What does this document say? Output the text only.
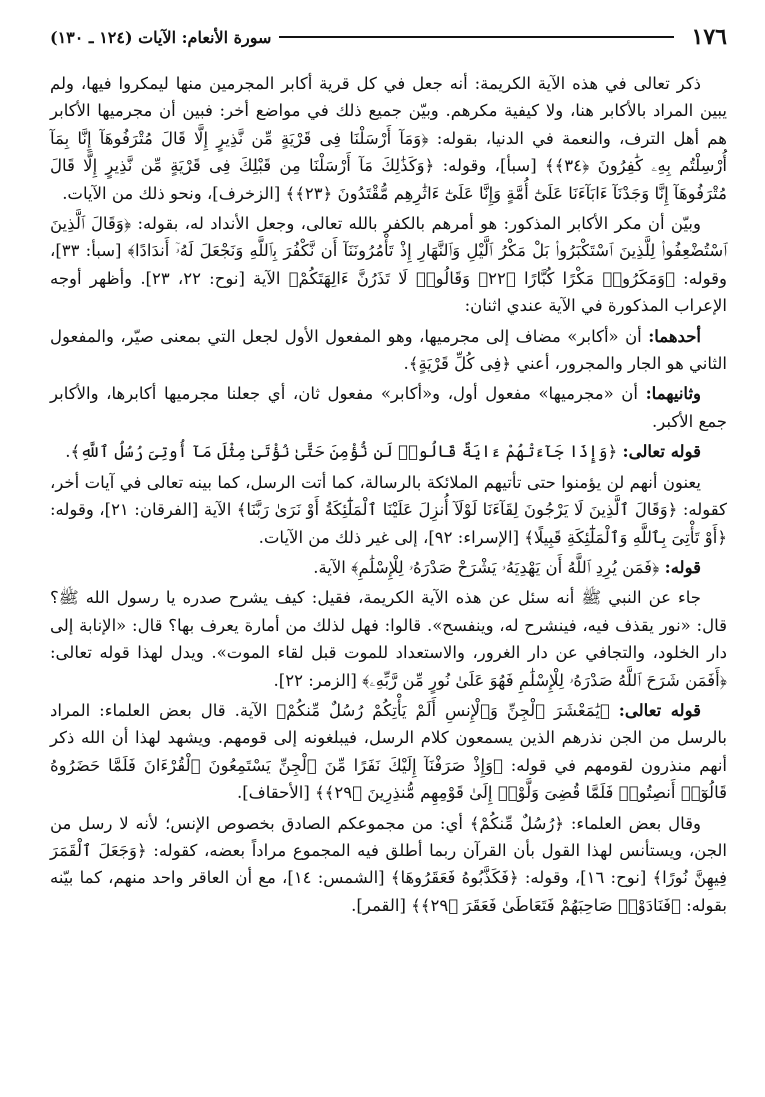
١٧٦
سورة الأنعام: الآيات (١٢٤ ـ ١٣٠)

ذكر تعالى في هذه الآية الكريمة: أنه جعل في كل قرية أكابر المجرمين منها ليمكروا فيها، ولم يبين المراد بالأكابر هنا، ولا كيفية مكرهم. وبيّن جميع ذلك في مواضع أخر: فبين أن مجرميها الأكابر هم أهل الترف، والنعمة في الدنيا، بقوله: ﴿وَمَآ أَرْسَلْنَا فِى قَرْيَةٍ مِّن نَّذِيرٍ إِلَّا قَالَ مُتْرَفُوهَآ إِنَّا بِمَآ أُرْسِلْتُم بِهِۦ كَٰفِرُونَ ﴿٣٤﴾﴾ [سبأ]، وقوله: ﴿وَكَذَٰلِكَ مَآ أَرْسَلْنَا مِن قَبْلِكَ فِى قَرْيَةٍ مِّن نَّذِيرٍ إِلَّا قَالَ مُتْرَفُوهَآ إِنَّا وَجَدْنَآ ءَابَآءَنَا عَلَىٰٓ أُمَّةٍ وَإِنَّا عَلَىٰٓ ءَاثَٰرِهِم مُّقْتَدُونَ ﴿٢٣﴾﴾ [الزخرف]، ونحو ذلك من الآيات.

وبيّن أن مكر الأكابر المذكور: هو أمرهم بالكفر بالله تعالى، وجعل الأنداد له، بقوله: ﴿وَقَالَ ٱلَّذِينَ ٱسْتُضْعِفُوا۟ لِلَّذِينَ ٱسْتَكْبَرُوا۟ بَلْ مَكْرُ ٱلَّيْلِ وَٱلنَّهَارِ إِذْ تَأْمُرُونَنَآ أَن نَّكْفُرَ بِٱللَّهِ وَنَجْعَلَ لَهُۥٓ أَندَادًا﴾ [سبأ: ٣٣]، وقوله: ﴿وَمَكَرُوا۟ مَكْرًا كُبَّارًا ﴿٢٢﴾ وَقَالُوا۟ لَا تَذَرُنَّ ءَالِهَتَكُمْ﴾ الآية [نوح: ٢٢، ٢٣]. وأظهر أوجه الإعراب المذكورة في الآية عندي اثنان:

أحدهما: أن «أكابر» مضاف إلى مجرميها، وهو المفعول الأول لجعل التي بمعنى صيّر، والمفعول الثاني هو الجار والمجرور، أعني ﴿فِى كُلِّ قَرْيَةٍ﴾.

وثانيهما: أن «مجرميها» مفعول أول، و«أكابر» مفعول ثان، أي جعلنا مجرميها أكابرها، والأكابر جمع الأكبر.

قوله تعالى: ﴿وَإِذَا جَآءَتْهُمْ ءَايَةٌ قَالُوا۟ لَن نُّؤْمِنَ حَتَّىٰ نُؤْتَىٰ مِثْلَ مَآ أُوتِىَ رُسُلُ ٱللَّهِ﴾.

يعنون أنهم لن يؤمنوا حتى تأتيهم الملائكة بالرسالة، كما أتت الرسل، كما بينه تعالى في آيات أخر، كقوله: ﴿وَقَالَ ٱلَّذِينَ لَا يَرْجُونَ لِقَآءَنَا لَوْلَآ أُنزِلَ عَلَيْنَا ٱلْمَلَٰٓئِكَةُ أَوْ نَرَىٰ رَبَّنَا﴾ الآية [الفرقان: ٢١]، وقوله: ﴿أَوْ تَأْتِىَ بِٱللَّهِ وَٱلْمَلَٰٓئِكَةِ قَبِيلًا﴾ [الإسراء: ٩٢]، إلى غير ذلك من الآيات.

قوله: ﴿فَمَن يُرِدِ ٱللَّهُ أَن يَهْدِيَهُۥ يَشْرَحْ صَدْرَهُۥ لِلْإِسْلَٰمِ﴾ الآية.

جاء عن النبي ﷺ أنه سئل عن هذه الآية الكريمة، فقيل: كيف يشرح صدره يا رسول الله ﷺ؟ قال: «نور يقذف فيه، فينشرح له، وينفسح». قالوا: فهل لذلك من أمارة يعرف بها؟ قال: «الإنابة إلى دار الخلود، والتجافي عن دار الغرور، والاستعداد للموت قبل لقاء الموت». ويدل لهذا قوله تعالى: ﴿أَفَمَن شَرَحَ ٱللَّهُ صَدْرَهُۥ لِلْإِسْلَٰمِ فَهُوَ عَلَىٰ نُورٍ مِّن رَّبِّهِۦ﴾ [الزمر: ٢٢].

قوله تعالى: ﴿يَٰمَعْشَرَ ٱلْجِنِّ وَٱلْإِنسِ أَلَمْ يَأْتِكُمْ رُسُلٌ مِّنكُمْ﴾ الآية. قال بعض العلماء: المراد بالرسل من الجن نذرهم الذين يسمعون كلام الرسل، فيبلغونه إلى قومهم. ويشهد لهذا أن الله ذكر أنهم منذرون لقومهم في قوله: ﴿وَإِذْ صَرَفْنَآ إِلَيْكَ نَفَرًا مِّنَ ٱلْجِنِّ يَسْتَمِعُونَ ٱلْقُرْءَانَ فَلَمَّا حَضَرُوهُ قَالُوٓا۟ أَنصِتُوا۟ فَلَمَّا قُضِىَ وَلَّوْا۟ إِلَىٰ قَوْمِهِم مُّنذِرِينَ ﴿٢٩﴾﴾ [الأحقاف].

وقال بعض العلماء: ﴿رُسُلٌ مِّنكُمْ﴾ أي: من مجموعكم الصادق بخصوص الإنس؛ لأنه لا رسل من الجن، ويستأنس لهذا القول بأن القرآن ربما أطلق فيه المجموع مراداً بعضه، كقوله: ﴿وَجَعَلَ ٱلْقَمَرَ فِيهِنَّ نُورًا﴾ [نوح: ١٦]، وقوله: ﴿فَكَذَّبُوهُ فَعَقَرُوهَا﴾ [الشمس: ١٤]، مع أن العاقر واحد منهم، كما بيّنه بقوله: ﴿فَنَادَوْا۟ صَاحِبَهُمْ فَتَعَاطَىٰ فَعَقَرَ ﴿٢٩﴾﴾ [القمر].
